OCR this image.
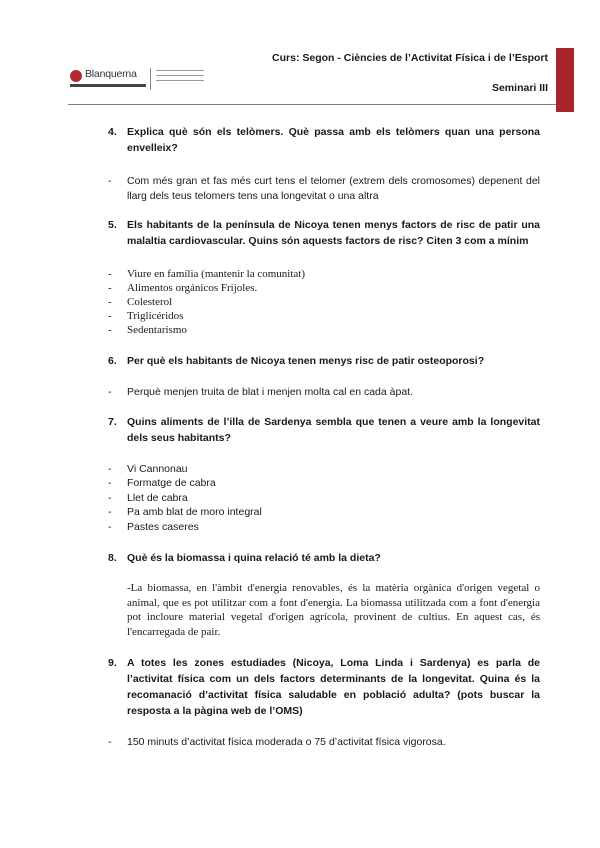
Curs: Segon - Ciències de l’Activitat Física i de l’Esport
Seminari III
Blanquerna
4. Explica què són els telòmers. Què passa amb els telòmers quan una persona envelleix?
- Com més gran et fas més curt tens el telomer (extrem dels cromosomes) depenent del llarg dels teus telomers tens una longevitat o una altra
5. Els habitants de la península de Nicoya tenen menys factors de risc de patir una malaltia cardiovascular. Quins són aquests factors de risc? Citen 3 com a mínim
- Viure en família (mantenir la comunitat)
- Alimentos orgánicos Frijoles.
- Colesterol
- Triglicéridos
- Sedentarismo
6. Per què els habitants de Nicoya tenen menys risc de patir osteoporosi?
- Perquè menjen truita de blat i menjen molta cal en cada àpat.
7. Quins aliments de l’illa de Sardenya sembla que tenen a veure amb la longevitat dels seus habitants?
- Vi Cannonau
- Formatge de cabra
- Llet de cabra
- Pa amb blat de moro integral
- Pastes caseres
8. Què és la biomassa i quina relació té amb la dieta?
-La biomassa, en l'àmbit d'energia renovables, és la matèria orgànica d'origen vegetal o animal, que es pot utilitzar com a font d'energia. La biomassa utilitzada com a font d'energia pot incloure material vegetal d'origen agrícola, provinent de cultius. En aquest cas, és l'encarregada de pair.
9. A totes les zones estudiades (Nicoya, Loma Linda i Sardenya) es parla de l’activitat física com un dels factors determinants de la longevitat. Quina és la recomanació d’activitat física saludable en població adulta? (pots buscar la resposta a la pàgina web de l’OMS)
- 150 minuts d’activitat física moderada o 75 d’activitat física vigorosa.
